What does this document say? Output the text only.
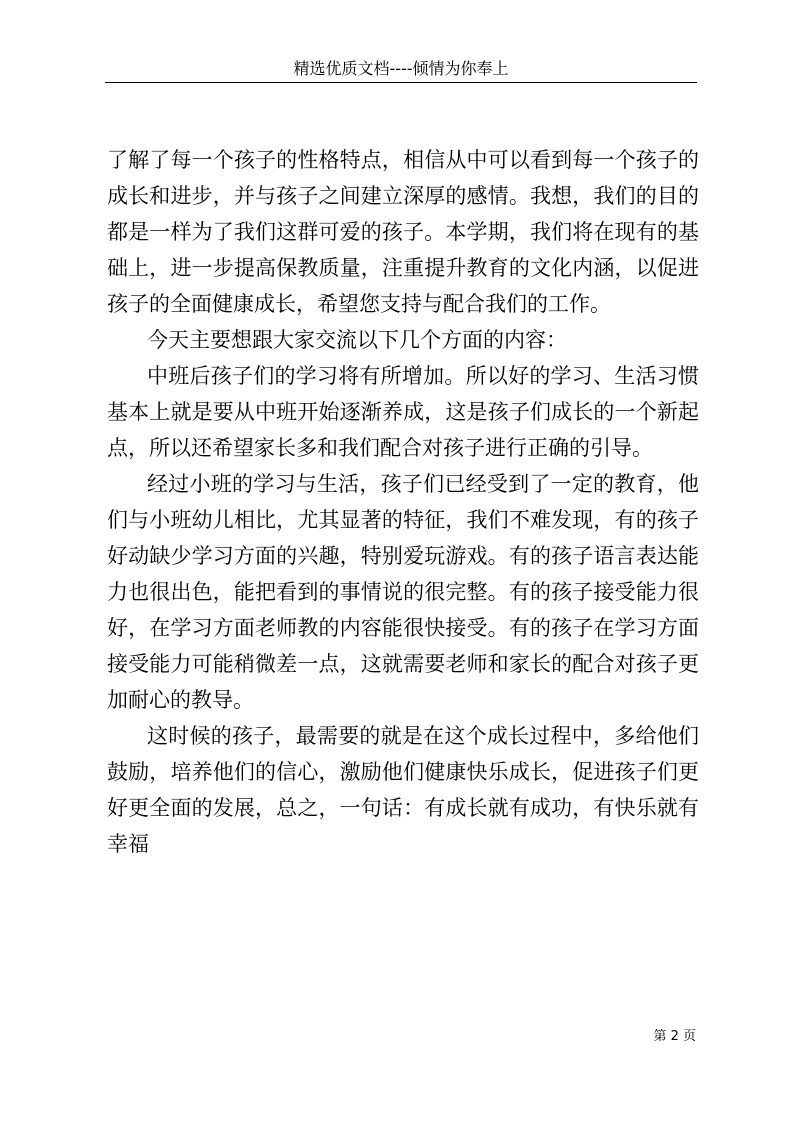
精选优质文档----倾情为你奉上
了解了每一个孩子的性格特点，相信从中可以看到每一个孩子的
成长和进步，并与孩子之间建立深厚的感情。我想，我们的目的
都是一样为了我们这群可爱的孩子。本学期，我们将在现有的基
础上，进一步提高保教质量，注重提升教育的文化内涵，以促进
孩子的全面健康成长，希望您支持与配合我们的工作。
今天主要想跟大家交流以下几个方面的内容：
中班后孩子们的学习将有所增加。所以好的学习、生活习惯
基本上就是要从中班开始逐渐养成，这是孩子们成长的一个新起
点，所以还希望家长多和我们配合对孩子进行正确的引导。
经过小班的学习与生活，孩子们已经受到了一定的教育，他
们与小班幼儿相比，尤其显著的特征，我们不难发现，有的孩子
好动缺少学习方面的兴趣，特别爱玩游戏。有的孩子语言表达能
力也很出色，能把看到的事情说的很完整。有的孩子接受能力很
好，在学习方面老师教的内容能很快接受。有的孩子在学习方面
接受能力可能稍微差一点，这就需要老师和家长的配合对孩子更
加耐心的教导。
这时候的孩子，最需要的就是在这个成长过程中，多给他们
鼓励，培养他们的信心，激励他们健康快乐成长，促进孩子们更
好更全面的发展，总之，一句话：有成长就有成功，有快乐就有
幸福
第 2 页
